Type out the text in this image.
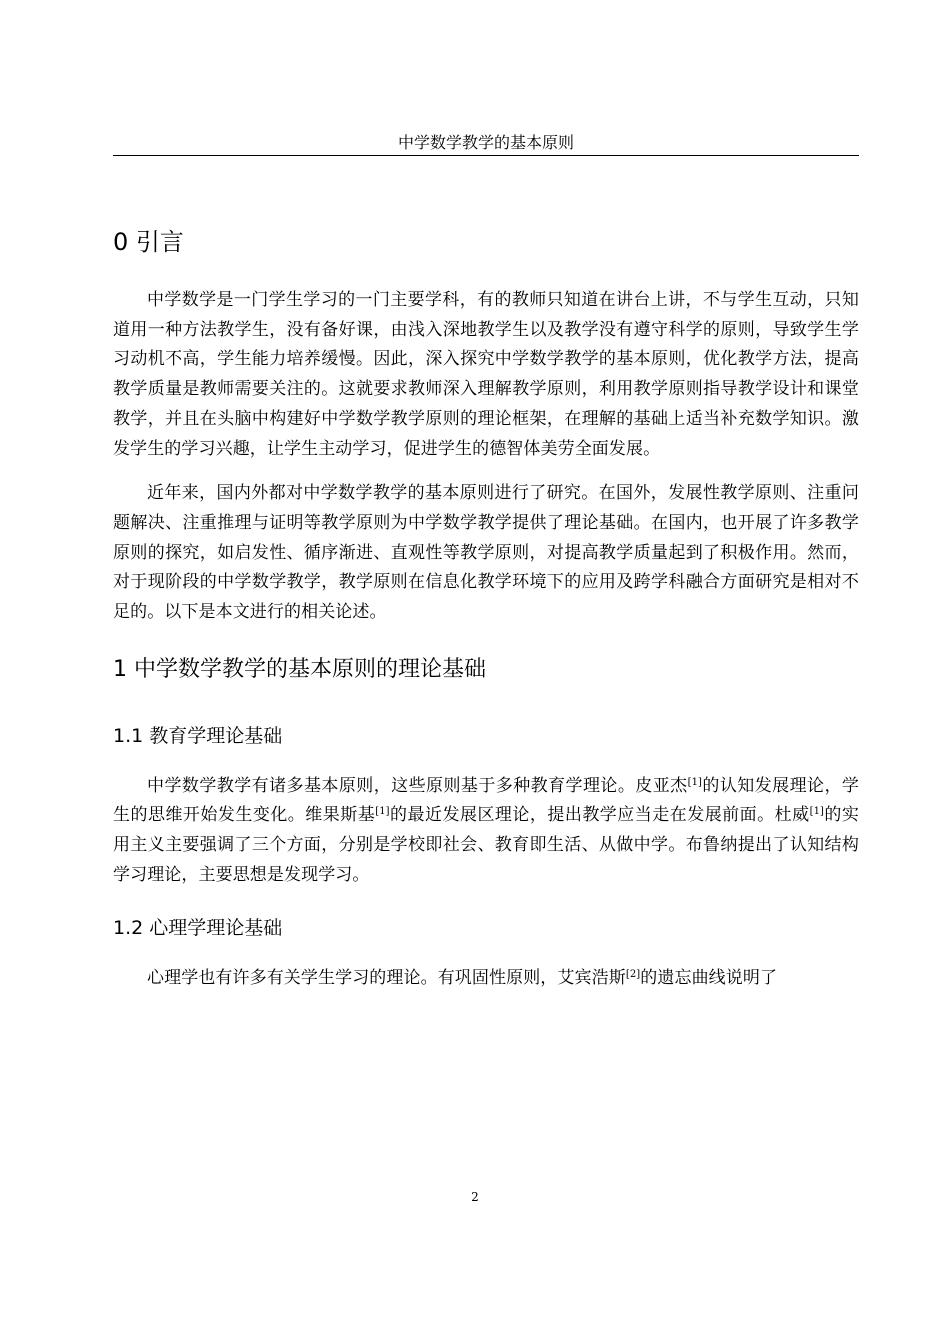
中学数学教学的基本原则
0 引言

中学数学是一门学生学习的一门主要学科，有的教师只知道在讲台上讲，不与学生互动，只知道用一种方法教学生，没有备好课，由浅入深地教学生以及教学没有遵守科学的原则，导致学生学习动机不高，学生能力培养缓慢。因此，深入探究中学数学教学的基本原则，优化教学方法，提高教学质量是教师需要关注的。这就要求教师深入理解教学原则，利用教学原则指导教学设计和课堂教学，并且在头脑中构建好中学数学教学原则的理论框架，在理解的基础上适当补充数学知识。激发学生的学习兴趣，让学生主动学习，促进学生的德智体美劳全面发展。

近年来，国内外都对中学数学教学的基本原则进行了研究。在国外，发展性教学原则、注重问题解决、注重推理与证明等教学原则为中学数学教学提供了理论基础。在国内，也开展了许多教学原则的探究，如启发性、循序渐进、直观性等教学原则，对提高教学质量起到了积极作用。然而，对于现阶段的中学数学教学，教学原则在信息化教学环境下的应用及跨学科融合方面研究是相对不足的。以下是本文进行的相关论述。

1 中学数学教学的基本原则的理论基础
1.1 教育学理论基础

中学数学教学有诸多基本原则，这些原则基于多种教育学理论。皮亚杰[1]的认知发展理论，学生的思维开始发生变化。维果斯基[1]的最近发展区理论，提出教学应当走在发展前面。杜威[1]的实用主义主要强调了三个方面，分别是学校即社会、教育即生活、从做中学。布鲁纳提出了认知结构学习理论，主要思想是发现学习。

1.2 心理学理论基础

心理学也有许多有关学生学习的理论。有巩固性原则，艾宾浩斯[2]的遗忘曲线说明了

2
